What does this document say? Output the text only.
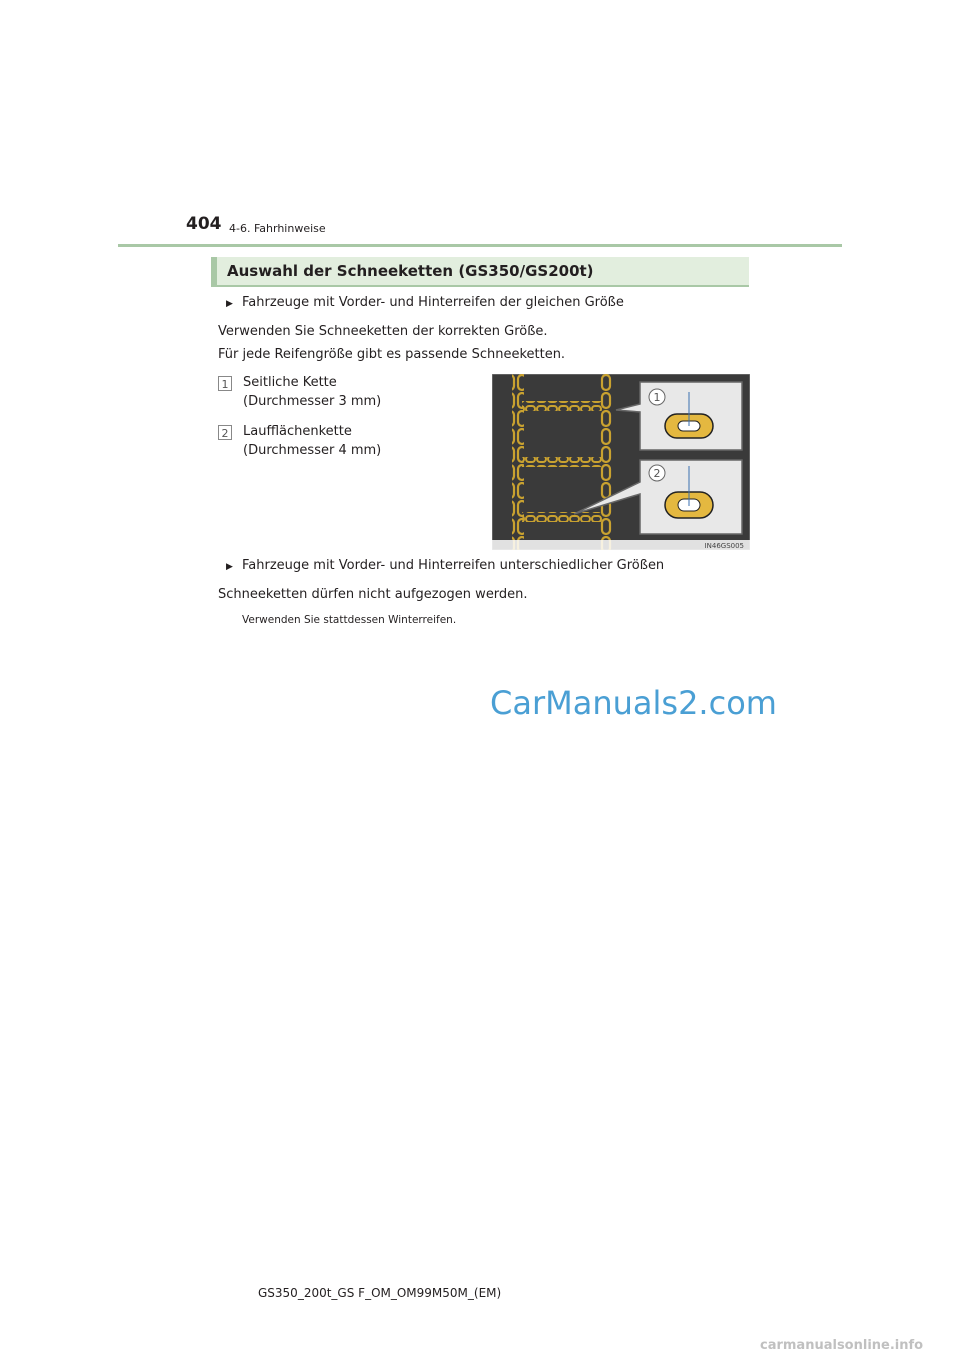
404 4-6. Fahrhinweise
Auswahl der Schneeketten (GS350/GS200t)
▶ Fahrzeuge mit Vorder- und Hinterreifen der gleichen Größe
Verwenden Sie Schneeketten der korrekten Größe.
Für jede Reifengröße gibt es passende Schneeketten.
1 Seitliche Kette
(Durchmesser 3 mm)
2 Laufflächenkette
(Durchmesser 4 mm)
1
2
IN46GS005
▶ Fahrzeuge mit Vorder- und Hinterreifen unterschiedlicher Größen
Schneeketten dürfen nicht aufgezogen werden.
Verwenden Sie stattdessen Winterreifen.
CarManuals2.com
GS350_200t_GS F_OM_OM99M50M_(EM)
carmanualsonline.info
